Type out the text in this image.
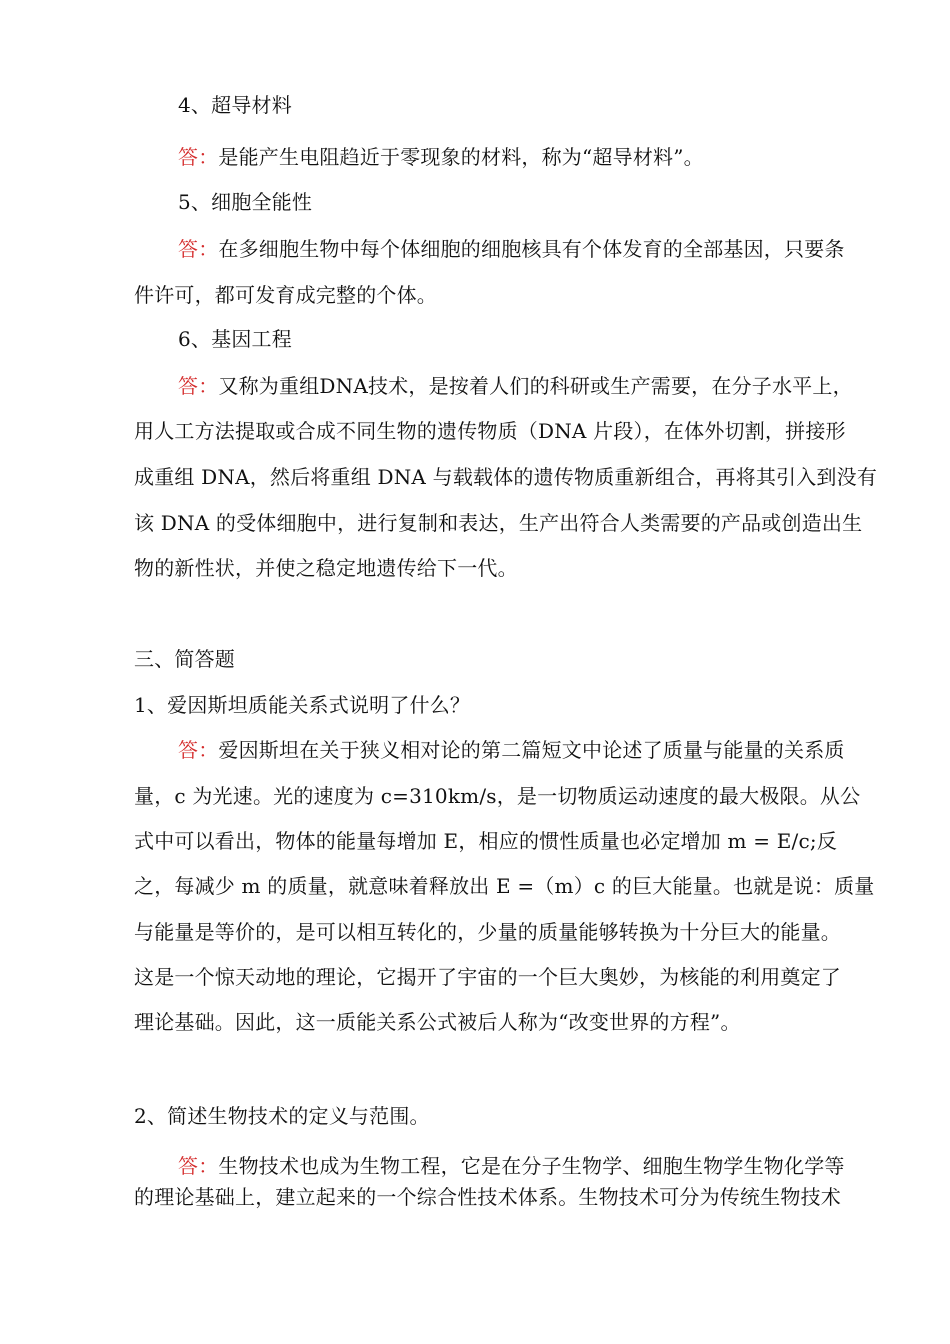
4、超导材料
答：是能产生电阻趋近于零现象的材料，称为“超导材料”。
5、细胞全能性
答：在多细胞生物中每个体细胞的细胞核具有个体发育的全部基因，只要条
件许可，都可发育成完整的个体。
6、基因工程
答：又称为重组DNA技术，是按着人们的科研或生产需要，在分子水平上，
用人工方法提取或合成不同生物的遗传物质（DNA 片段），在体外切割，拼接形
成重组 DNA，然后将重组 DNA 与载载体的遗传物质重新组合，再将其引入到没有
该 DNA 的受体细胞中，进行复制和表达，生产出符合人类需要的产品或创造出生
物的新性状，并使之稳定地遗传给下一代。
三、简答题
1、爱因斯坦质能关系式说明了什么？
答：爱因斯坦在关于狭义相对论的第二篇短文中论述了质量与能量的关系质
量，c 为光速。光的速度为 c=310km/s，是一切物质运动速度的最大极限。从公
式中可以看出，物体的能量每增加 E，相应的惯性质量也必定增加 m = E/c;反
之，每减少 m 的质量，就意味着释放出 E =（m）c 的巨大能量。也就是说：质量
与能量是等价的，是可以相互转化的，少量的质量能够转换为十分巨大的能量。
这是一个惊天动地的理论，它揭开了宇宙的一个巨大奥妙，为核能的利用奠定了
理论基础。因此，这一质能关系公式被后人称为“改变世界的方程”。
2、简述生物技术的定义与范围。
答：生物技术也成为生物工程，它是在分子生物学、细胞生物学生物化学等
的理论基础上，建立起来的一个综合性技术体系。生物技术可分为传统生物技术
